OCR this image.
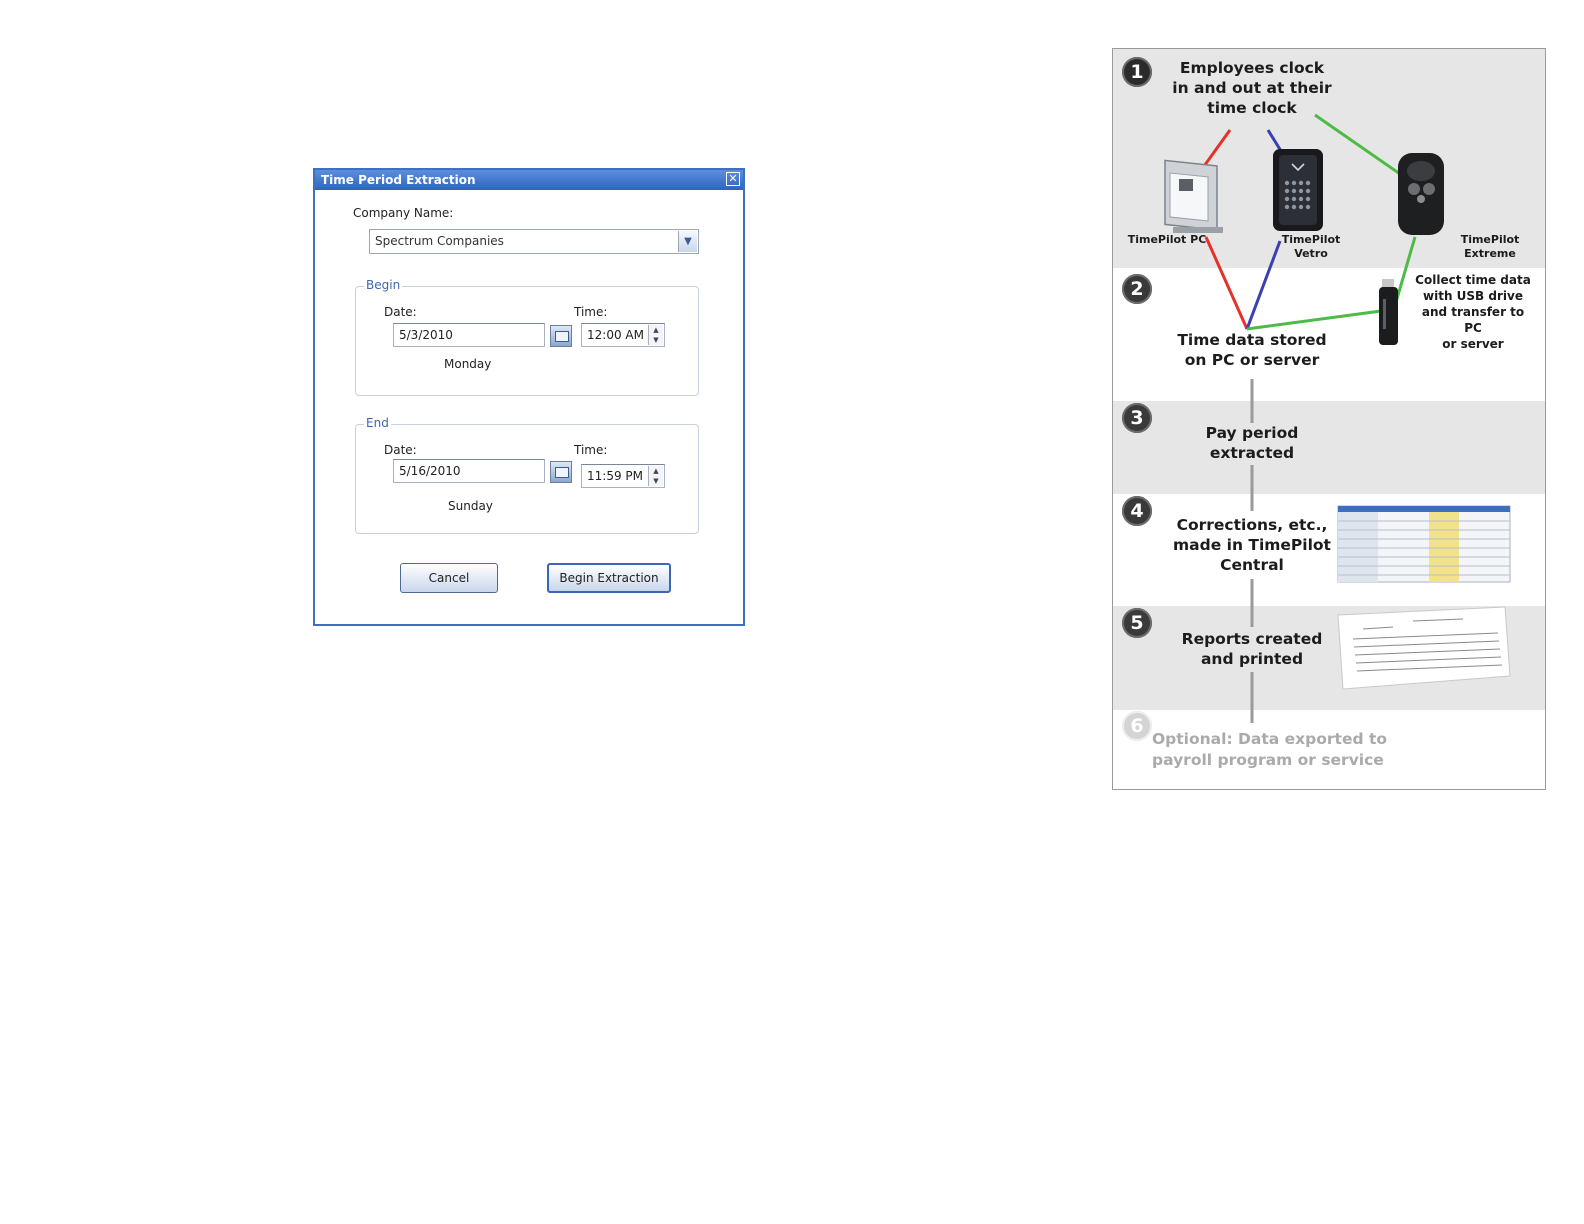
Time Period Extraction	✕
Company Name:
Spectrum Companies	▼
Begin
Date:
5/3/2010
Time:
12:00 AM	▲
▼
Monday
End
Date:
5/16/2010
Time:
11:59 PM	▲
▼
Sunday
Cancel	Begin Extraction
1
2
3
4
5
6
Employees clock
in and out at their
time clock
TimePilot PC	TimePilot
Vetro
TimePilot Extreme
Collect time data
with USB drive
and transfer to PC
or server
Time data stored
on PC or server
Pay period
extracted
Corrections, etc.,
made in TimePilot
Central
Reports created
and printed
Optional: Data exported to
payroll program or service
